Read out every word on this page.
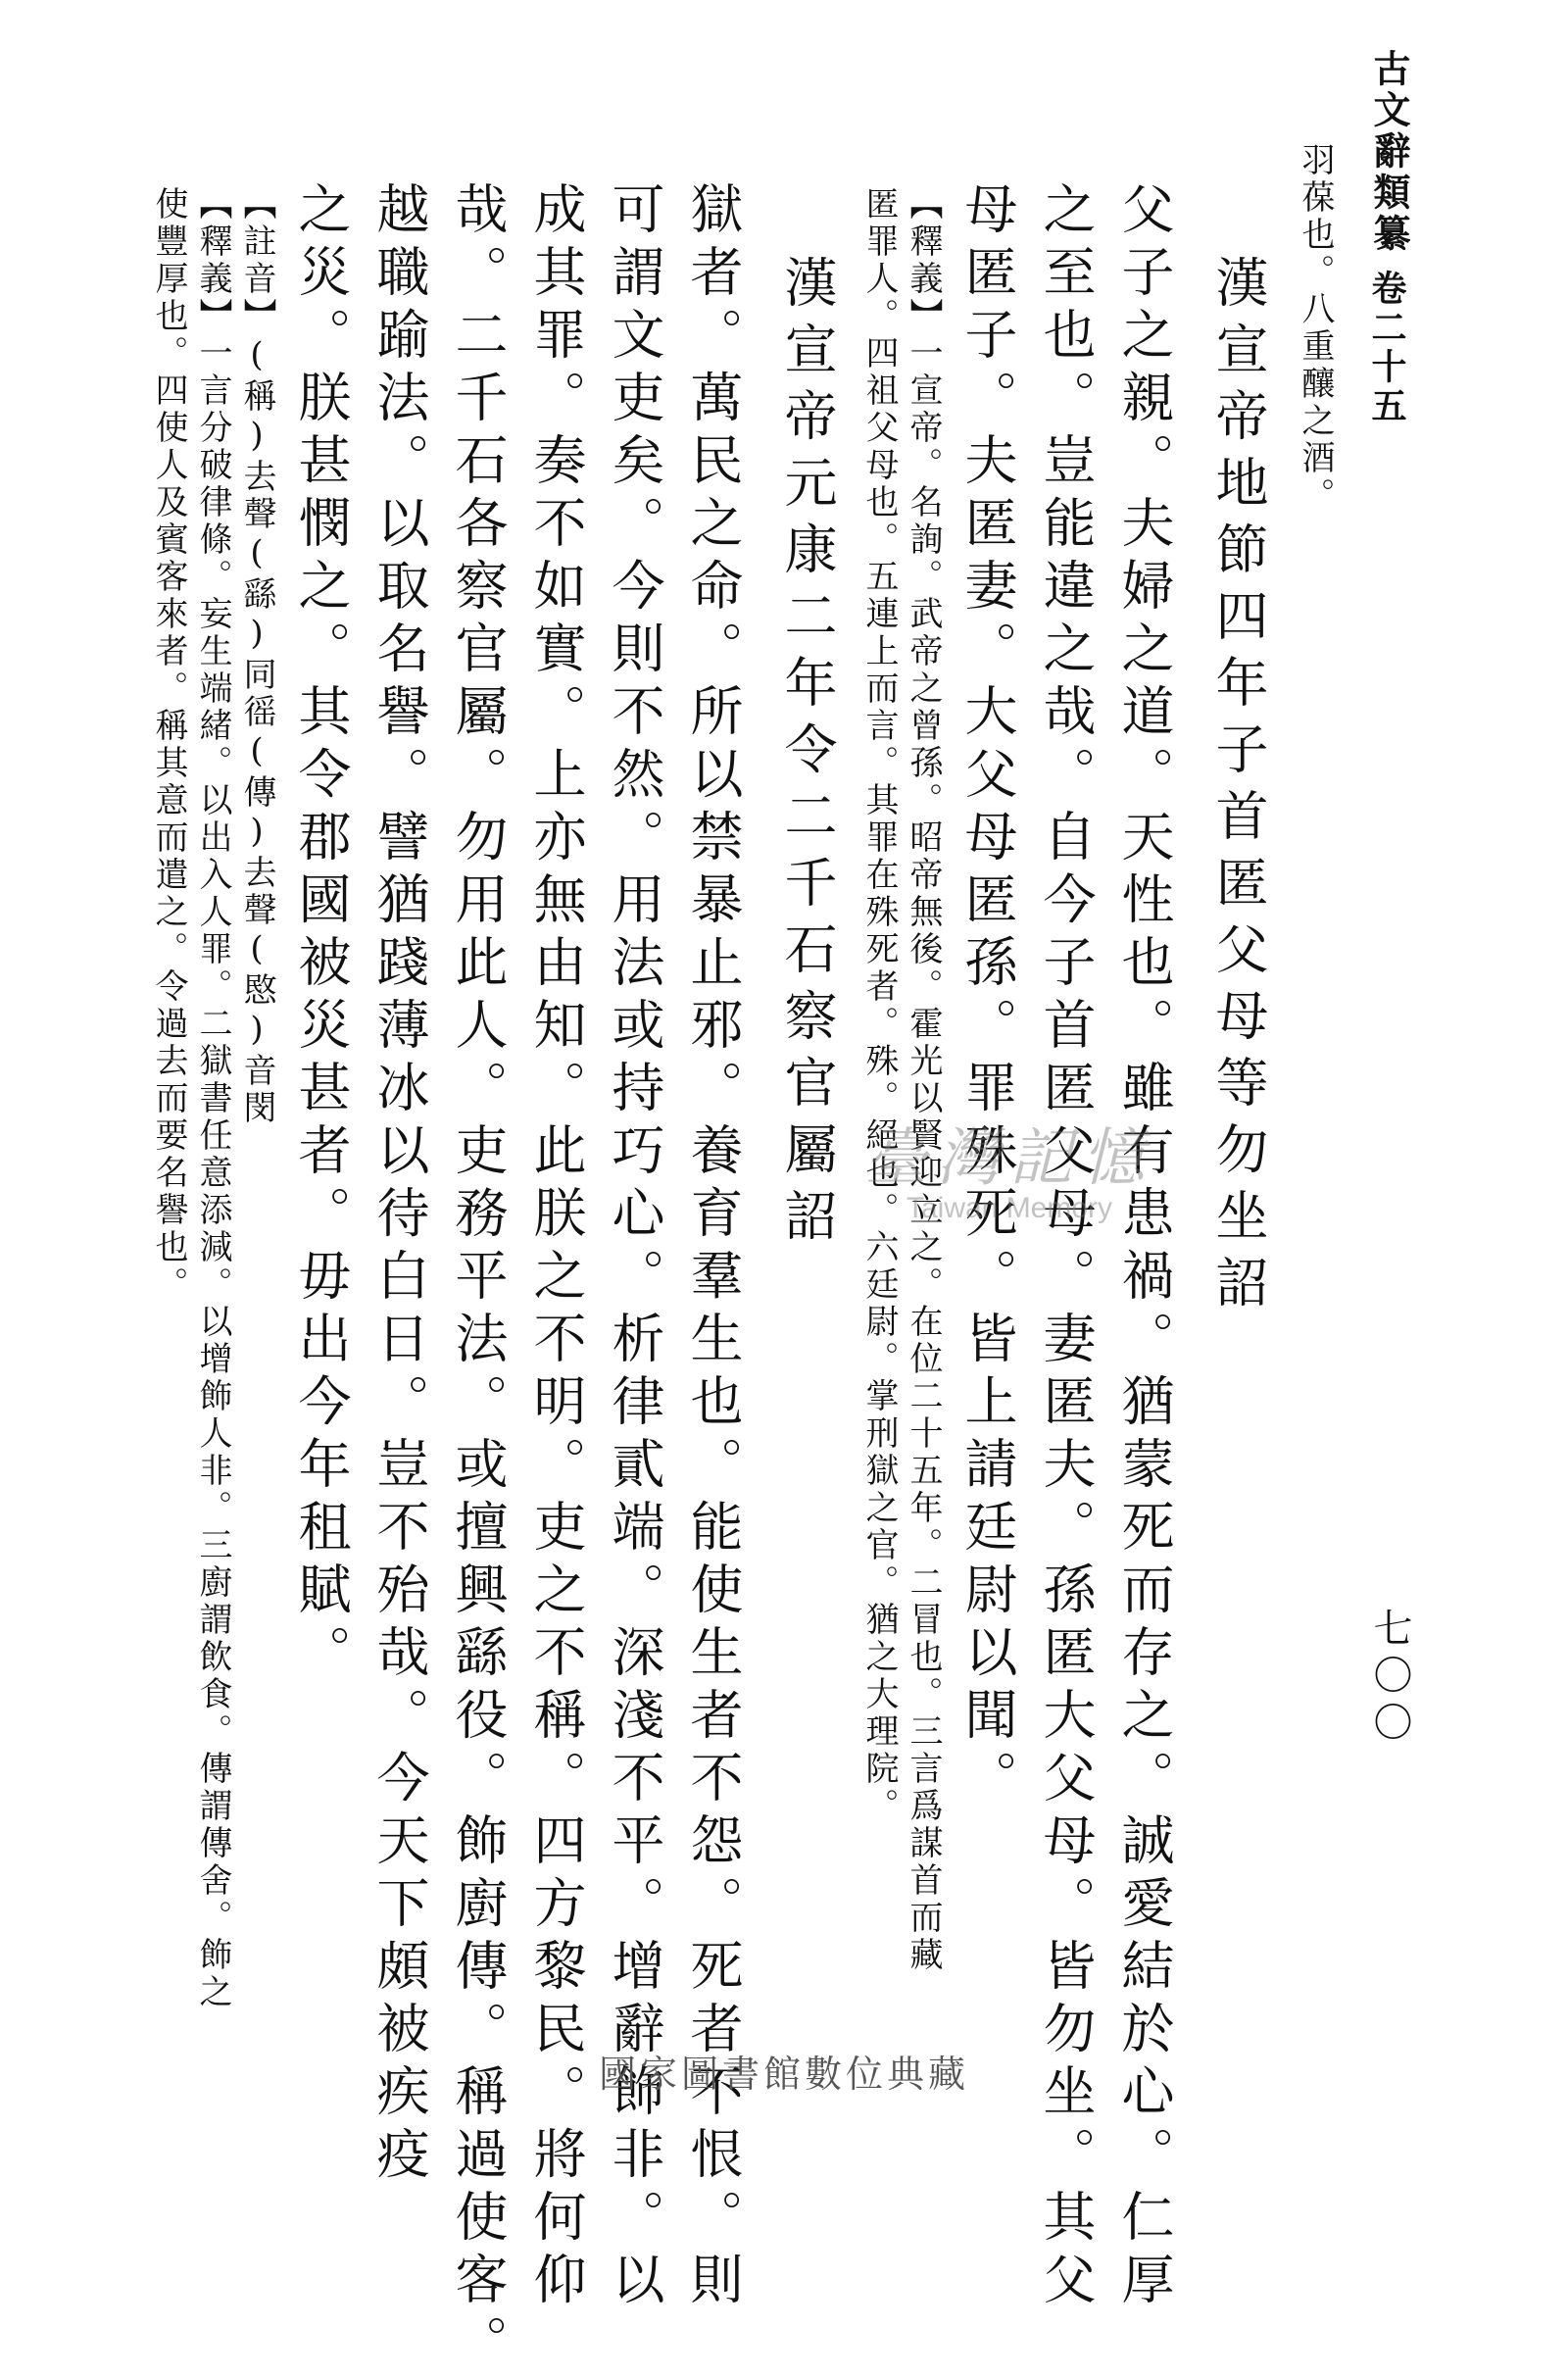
古文辭類纂
卷二十五
七〇〇
羽葆也。八重釀之酒。
漢宣帝地節四年子首匿父母等勿坐詔
父子之親。夫婦之道。天性也。雖有患禍。猶蒙死而存之。誠愛結於心。仁厚
之至也。豈能違之哉。自今子首匿父母。妻匿夫。孫匿大父母。皆勿坐。其父
母匿子。夫匿妻。大父母匿孫。罪殊死。皆上請廷尉以聞。
【釋義】一宣帝。名詢。武帝之曾孫。昭帝無後。霍光以賢迎立之。在位二十五年。二冒也。三言爲謀首而藏
匿罪人。四祖父母也。五連上而言。其罪在殊死者。殊。絕也。六廷尉。掌刑獄之官。猶之大理院。
漢宣帝元康二年令二千石察官屬詔
獄者。萬民之命。所以禁暴止邪。養育羣生也。能使生者不怨。死者不恨。則
可謂文吏矣。今則不然。用法或持巧心。析律貳端。深淺不平。增辭飾非。以
成其罪。奏不如實。上亦無由知。此朕之不明。吏之不稱。四方黎民。將何仰
哉。二千石各察官屬。勿用此人。吏務平法。或擅興繇役。飾廚傳。稱過使客。
越職踰法。以取名譽。譬猶踐薄冰以待白日。豈不殆哉。今天下頗被疾疫
之災。朕甚憫之。其令郡國被災甚者。毋出今年租賦。
【註音】(稱)去聲(繇)同徭(傳)去聲(愍)音閔
【釋義】一言分破律條。妄生端緒。以出入人罪。二獄書任意添減。以增飾人非。三廚謂飲食。傳謂傳舍。飾之
使豐厚也。四使人及賓客來者。稱其意而遣之。令過去而要名譽也。	臺灣記憶
Taiwan Memory
國家圖書館數位典藏
